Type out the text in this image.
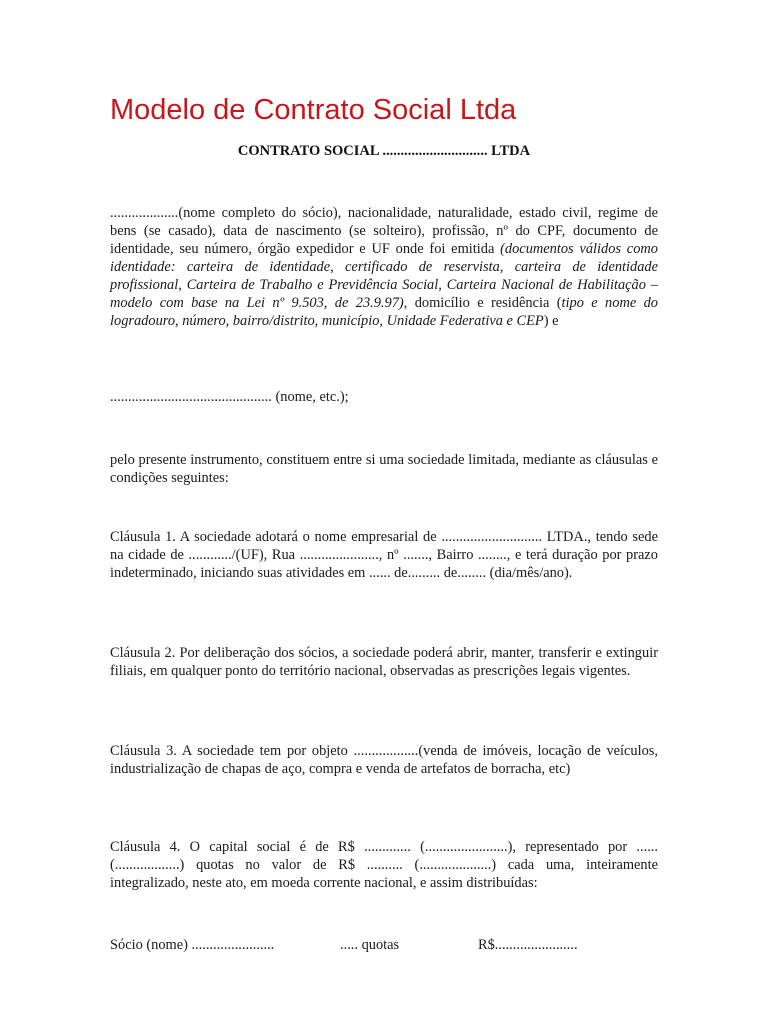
Modelo de Contrato Social Ltda
CONTRATO SOCIAL ............................. LTDA

...................(nome completo do sócio), nacionalidade, naturalidade, estado civil, regime de bens (se casado), data de nascimento (se solteiro), profissão, nº do CPF, documento de identidade, seu número, órgão expedidor e UF onde foi emitida (documentos válidos como identidade: carteira de identidade, certificado de reservista, carteira de identidade profissional, Carteira de Trabalho e Previdência Social, Carteira Nacional de Habilitação – modelo com base na Lei nº 9.503, de 23.9.97), domicílio e residência (tipo e nome do logradouro, número, bairro/distrito, município, Unidade Federativa e CEP) e

............................................. (nome, etc.);

pelo presente instrumento, constituem entre si uma sociedade limitada, mediante as cláusulas e condições seguintes:

Cláusula 1. A sociedade adotará o nome empresarial de ............................ LTDA., tendo sede na cidade de ............/(UF), Rua ......................, nº ......., Bairro ........, e terá duração por prazo indeterminado, iniciando suas atividades em ...... de......... de........ (dia/mês/ano).

Cláusula 2. Por deliberação dos sócios, a sociedade poderá abrir, manter, transferir e extinguir filiais, em qualquer ponto do território nacional, observadas as prescrições legais vigentes.

Cláusula 3. A sociedade tem por objeto ..................(venda de imóveis, locação de veículos, industrialização de chapas de aço, compra e venda de artefatos de borracha, etc)

Cláusula 4. O capital social é de R$ ............. (.......................), representado por ...... (..................) quotas no valor de R$ .......... (....................) cada uma, inteiramente integralizado, neste ato, em moeda corrente nacional, e assim distribuídas:

Sócio (nome) .......................	..... quotas	R$.......................
